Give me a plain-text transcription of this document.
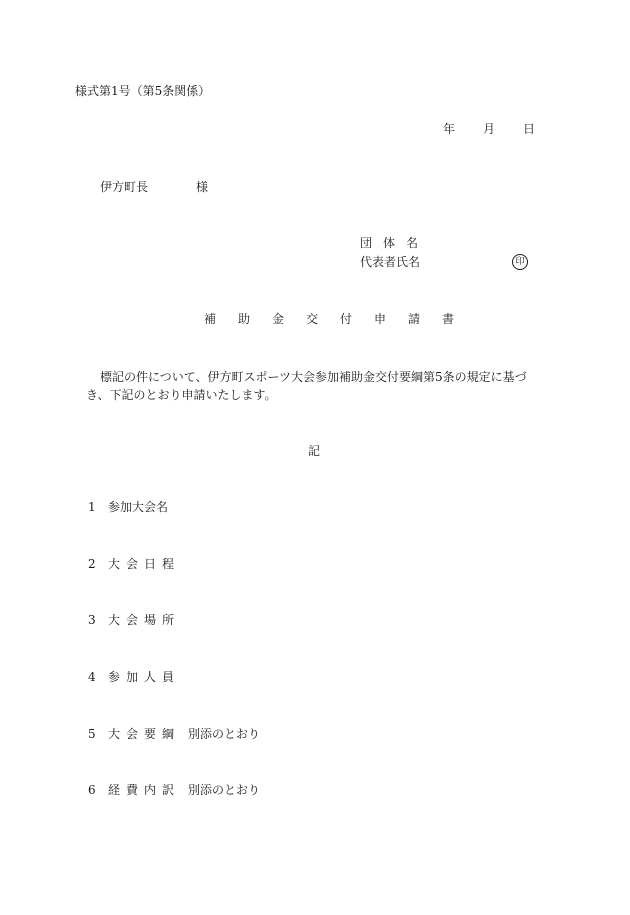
様式第1号（第5条関係）
年 月 日
伊方町長	様
団体名
代表者氏名	印
補助金交付申請書
標記の件について、伊方町スポーツ大会参加補助金交付要綱第5条の規定に基づき、下記のとおり申請いたします。
記
1 参加大会名
2 大会日程
3 大会場所
4 参加人員
5 大会要綱 別添のとおり
6 経費内訳 別添のとおり
